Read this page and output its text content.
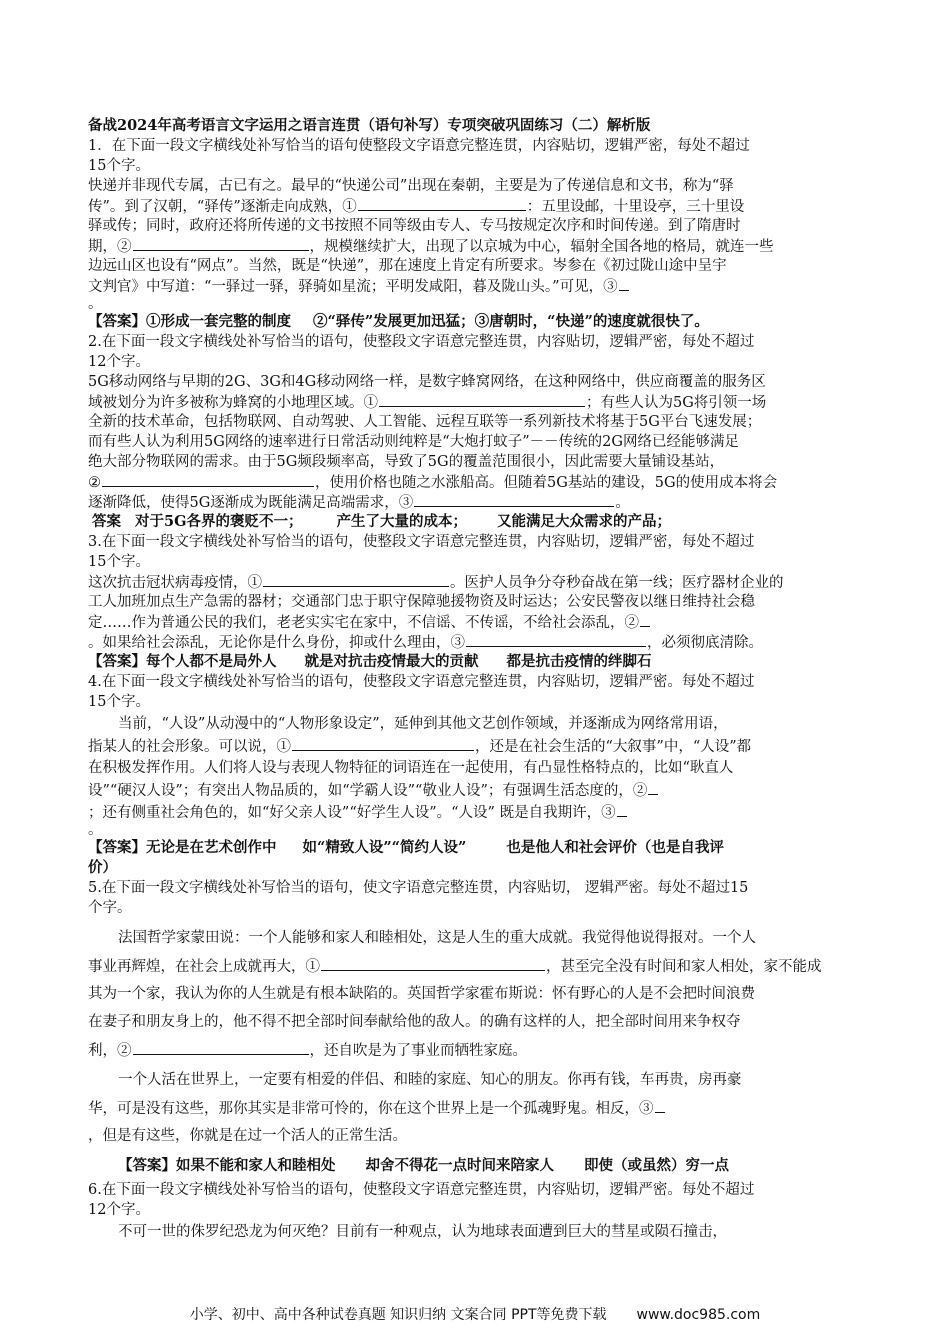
备战2024年高考语言文字运用之语言连贯（语句补写）专项突破巩固练习（二）解析版
1．在下面一段文字横线处补写恰当的语句使整段文字语意完整连贯，内容贴切，逻辑严密，每处不超过
15个字。
快递并非现代专属，古已有之。最早的“快递公司”出现在秦朝，主要是为了传递信息和文书，称为“驿
传”。到了汉朝，“驿传”逐渐走向成熟，①	：五里设邮，十里设亭，三十里设
驿或传；同时，政府还将所传递的文书按照不同等级由专人、专马按规定次序和时间传递。到了隋唐时
期，②	，规模继续扩大，出现了以京城为中心，辐射全国各地的格局，就连一些
边远山区也设有“网点”。当然，既是“快递”，那在速度上肯定有所要求。岑参在《初过陇山途中呈宇
文判官》中写道：“一驿过一驿，驿骑如星流；平明发咸阳，暮及陇山头。”可见，③
。
【答案】①形成一套完整的制度 ②“驿传”发展更加迅猛；③唐朝时，“快递”的速度就很快了。
2.在下面一段文字横线处补写恰当的语句，使整段文字语意完整连贯，内容贴切，逻辑严密，每处不超过
12个字。
5G移动网络与早期的2G、3G和4G移动网络一样，是数字蜂窝网络，在这种网络中，供应商覆盖的服务区
域被划分为许多被称为蜂窝的小地理区域。①	；有些人认为5G将引领一场
全新的技术革命，包括物联网、自动驾驶、人工智能、远程互联等一系列新技术将基于5G平台飞速发展；
而有些人认为利用5G网络的速率进行日常活动则纯粹是“大炮打蚊子”－－传统的2G网络已经能够满足
绝大部分物联网的需求。由于5G频段频率高，导致了5G的覆盖范围很小，因此需要大量铺设基站，
②	，使用价格也随之水涨船高。但随着5G基站的建设，5G的使用成本将会
逐渐降低，使得5G逐渐成为既能满足高端需求，③	。
答案 对于5G各界的褒贬不一； 产生了大量的成本； 又能满足大众需求的产品；
3.在下面一段文字横线处补写恰当的语句，使整段文字语意完整连贯，内容贴切，逻辑严密，每处不超过
15个字。
这次抗击冠状病毒疫情，①	。医护人员争分夺秒奋战在第一线；医疗器材企业的
工人加班加点生产急需的器材；交通部门忠于职守保障驰援物资及时运达；公安民警夜以继日维持社会稳
定……作为普通公民的我们，老老实实宅在家中，不信谣、不传谣，不给社会添乱，②
。如果给社会添乱，无论你是什么身份，抑或什么理由，③	，必须彻底清除。
【答案】每个人都不是局外人 就是对抗击疫情最大的贡献 都是抗击疫情的绊脚石
4.在下面一段文字横线处补写恰当的语句，使整段文字语意完整连贯，内容贴切，逻辑严密。每处不超过
15个字。
当前，“人设”从动漫中的“人物形象设定”，延伸到其他文艺创作领域，并逐渐成为网络常用语，
指某人的社会形象。可以说，①	，还是在社会生活的“大叙事”中，“人设”都
在积极发挥作用。人们将人设与表现人物特征的词语连在一起使用，有凸显性格特点的，比如“耿直人
设”“硬汉人设”；有突出人物品质的，如“学霸人设”“敬业人设”；有强调生活态度的，②
；还有侧重社会角色的，如“好父亲人设”“好学生人设”。“人设” 既是自我期许，③
。
【答案】无论是在艺术创作中 如“精致人设”“简约人设”	也是他人和社会评价（也是自我评
价）
5.在下面一段文字横线处补写恰当的语句，使文字语意完整连贯，内容贴切， 逻辑严密。每处不超过15
个字。
法国哲学家蒙田说：一个人能够和家人和睦相处，这是人生的重大成就。我觉得他说得报对。一个人
事业再辉煌，在社会上成就再大，①	，甚至完全没有时间和家人相处，家不能成
其为一个家，我认为你的人生就是有根本缺陷的。英国哲学家霍布斯说：怀有野心的人是不会把时间浪费
在妻子和朋友身上的，他不得不把全部时间奉献给他的敌人。的确有这样的人，把全部时间用来争权夺
利，②	，还自吹是为了事业而牺牲家庭。
一个人活在世界上，一定要有相爱的伴侣、和睦的家庭、知心的朋友。你再有钱，车再贵，房再豪
华，可是没有这些，那你其实是非常可怜的，你在这个世界上是一个孤魂野鬼。相反，③
，但是有这些，你就是在过一个活人的正常生活。
【答案】如果不能和家人和睦相处 却舍不得花一点时间来陪家人 即使（或虽然）穷一点
6.在下面一段文字横线处补写恰当的语句，使整段文字语意完整连贯，内容贴切，逻辑严密。每处不超过
12个字。
不可一世的侏罗纪恐龙为何灭绝？目前有一种观点，认为地球表面遭到巨大的彗星或陨石撞击，
小学、初中、高中各种试卷真题 知识归纳 文案合同 PPT等免费下载 www.doc985.com
